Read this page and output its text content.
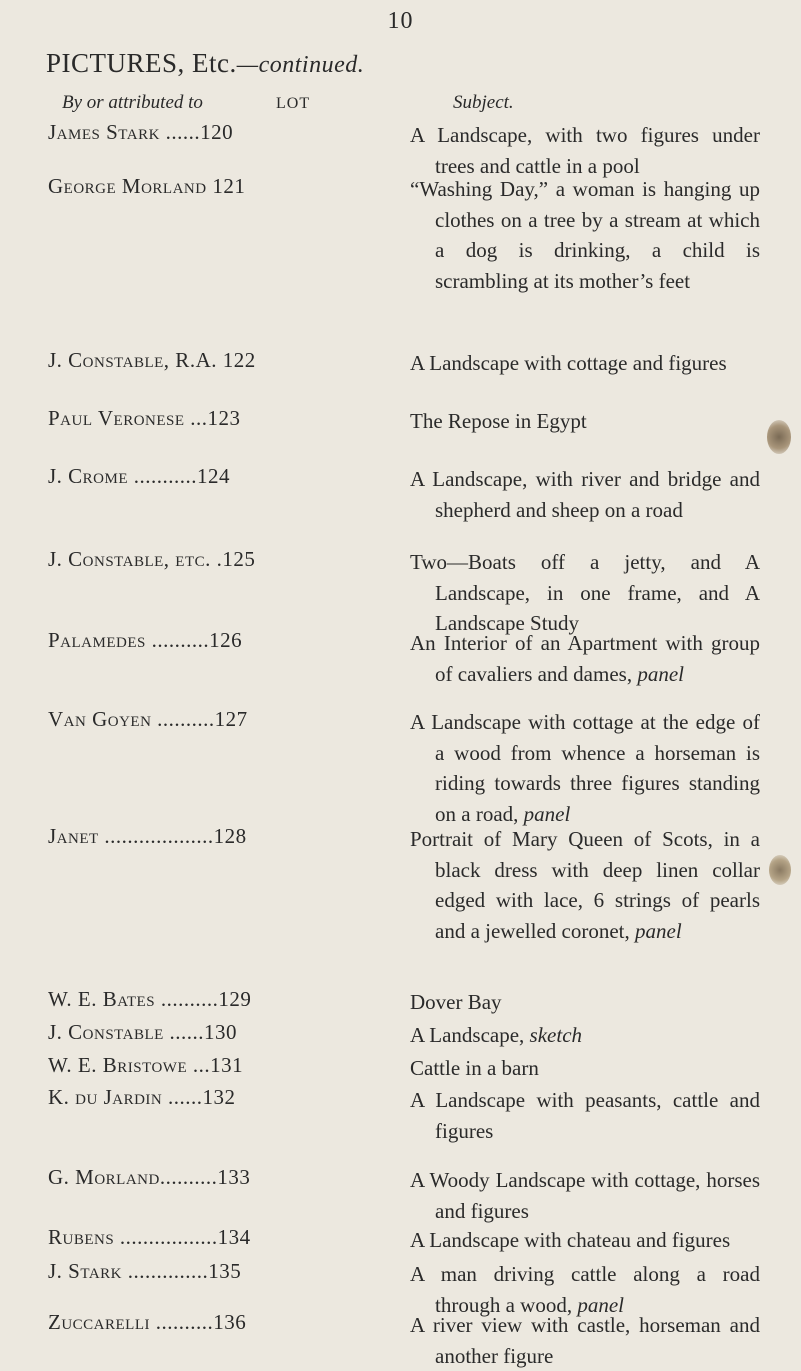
10
PICTURES, Etc.—continued.
By or attributed to	LOT	Subject.
James Stark ......120	A Landscape, with two figures under trees and cattle in a pool
George Morland 121	“Washing Day,” a woman is hanging up clothes on a tree by a stream at which a dog is drinking, a child is scrambling at its mother’s feet
J. Constable, R.A. 122	A Landscape with cottage and figures
Paul Veronese ...123	The Repose in Egypt
J. Crome ...........124	A Landscape, with river and bridge and shepherd and sheep on a road
J. Constable, etc. .125	Two—Boats off a jetty, and A Landscape, in one frame, and A Landscape Study
Palamedes ..........126	An Interior of an Apartment with group of cavaliers and dames, panel
Van Goyen ..........127	A Landscape with cottage at the edge of a wood from whence a horseman is riding towards three figures standing on a road, panel
Janet ...................128	Portrait of Mary Queen of Scots, in a black dress with deep linen collar edged with lace, 6 strings of pearls and a jewelled coronet, panel
W. E. Bates ..........129	Dover Bay
J. Constable ......130	A Landscape, sketch
W. E. Bristowe ...131	Cattle in a barn
K. du Jardin ......132	A Landscape with peasants, cattle and figures
G. Morland..........133	A Woody Landscape with cottage, horses and figures
Rubens .................134	A Landscape with chateau and figures
J. Stark ..............135	A man driving cattle along a road through a wood, panel
Zuccarelli ..........136	A river view with castle, horseman and another figure
